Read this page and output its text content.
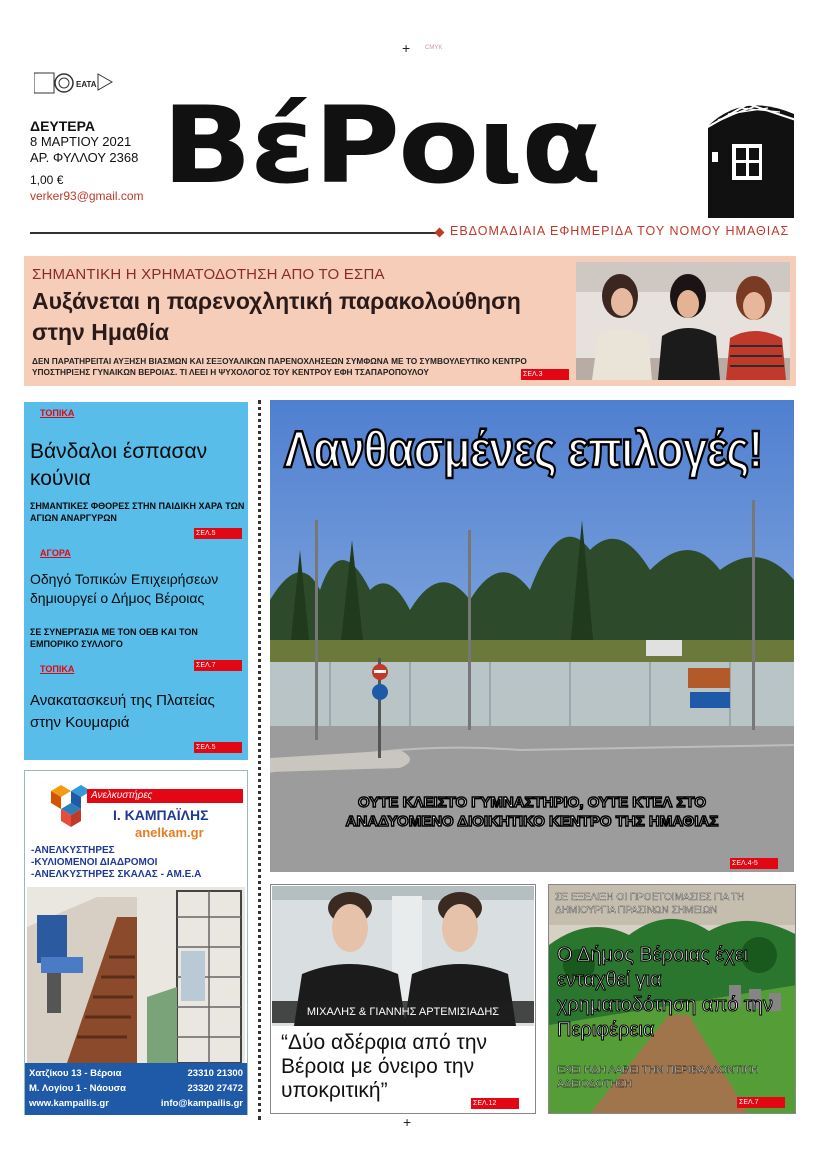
+ CMYK
+
ΕΑΤΑ
ΔΕΥΤΕΡΑ
8 ΜΑΡΤΙΟΥ 2021
ΑΡ. ΦΥΛΛΟΥ 2368
1,00 €
verker93@gmail.com ΒέΡοια
ΕΒΔΟΜΑΔΙΑΙΑ ΕΦΗΜΕΡΙΔΑ ΤΟΥ ΝΟΜΟΥ ΗΜΑΘΙΑΣ
ΣΗΜΑΝΤΙΚΗ Η ΧΡΗΜΑΤΟΔΟΤΗΣΗ ΑΠΟ ΤΟ ΕΣΠΑ
Αυξάνεται η παρενοχλητική παρακολούθηση στην Ημαθία
ΔΕΝ ΠΑΡΑΤΗΡΕΙΤΑΙ ΑΥΞΗΣΗ ΒΙΑΣΜΩΝ ΚΑΙ ΣΕΞΟΥΑΛΙΚΩΝ ΠΑΡΕΝΟΧΛΗΣΕΩΝ ΣΥΜΦΩΝΑ ΜΕ ΤΟ ΣΥΜΒΟΥΛΕΥΤΙΚΟ ΚΕΝΤΡΟ ΥΠΟΣΤΗΡΙΞΗΣ ΓΥΝΑΙΚΩΝ ΒΕΡΟΙΑΣ. ΤΙ ΛΕΕΙ Η ΨΥΧΟΛΟΓΟΣ ΤΟΥ ΚΕΝΤΡΟΥ ΕΦΗ ΤΣΑΠΑΡΟΠΟΥΛΟΥ	ΣΕΛ.3
ΤΟΠΙΚΑ
Βάνδαλοι έσπασαν κούνια
ΣΗΜΑΝΤΙΚΕΣ ΦΘΟΡΕΣ ΣΤΗΝ ΠΑΙΔΙΚΗ ΧΑΡΑ ΤΩΝ ΑΓΙΩΝ ΑΝΑΡΓΥΡΩΝ
ΣΕΛ.5
ΑΓΟΡΑ
Οδηγό Τοπικών Επιχειρήσεων δημιουργεί ο Δήμος Βέροιας
ΣΕ ΣΥΝΕΡΓΑΣΙΑ ΜΕ ΤΟΝ ΟΕΒ ΚΑΙ ΤΟΝ ΕΜΠΟΡΙΚΟ ΣΥΛΛΟΓΟ
ΣΕΛ.7
ΤΟΠΙΚΑ
Ανακατασκευή της Πλατείας στην Κουμαριά
ΣΕΛ.5
Ανελκυστήρες
Ι. ΚΑΜΠΑΪΛΗΣ
anelkam.gr
-ΑΝΕΛΚΥΣΤΗΡΕΣ
-ΚΥΛΙΟΜΕΝΟΙ ΔΙΑΔΡΟΜΟΙ
-ΑΝΕΛΚΥΣΤΗΡΕΣ ΣΚΑΛΑΣ - ΑΜ.Ε.Α
Χατζίκου 13 - Βέροια	23310 21300
Μ. Λογίου 1 - Νάουσα	23320 27472
www.kampailis.gr	info@kampailis.gr
Λανθασμένες επιλογές!
ΟΥΤΕ ΚΛΕΙΣΤΟ ΓΥΜΝΑΣΤΗΡΙΟ, ΟΥΤΕ ΚΤΕΛ ΣΤΟ
ΑΝΑΔΥΟΜΕΝΟ ΔΙΟΙΚΗΤΙΚΟ ΚΕΝΤΡΟ ΤΗΣ ΗΜΑΘΙΑΣ
ΣΕΛ.4-5
ΜΙΧΑΛΗΣ & ΓΙΑΝΝΗΣ ΑΡΤΕΜΙΣΙΑΔΗΣ
“Δύο αδέρφια από την Βέροια με όνειρο την υποκριτική”
ΣΕΛ.12
ΣΕ ΕΞΕΛΙΞΗ ΟΙ ΠΡΟΕΤΟΙΜΑΣΙΕΣ ΓΙΑ ΤΗ ΔΗΜΙΟΥΡΓΙΑ ΠΡΑΣΙΝΩΝ ΣΗΜΕΙΩΝ
Ο Δήμος Βέροιας έχει ενταχθεί για χρηματοδότηση από την Περιφέρεια
ΕΧΕΙ ΗΔΗ ΛΑΒΕΙ ΤΗΝ ΠΕΡΙΒΑΛΛΟΝΤΙΚΗ ΑΔΕΙΟΔΟΤΗΣΗ
ΣΕΛ.7
